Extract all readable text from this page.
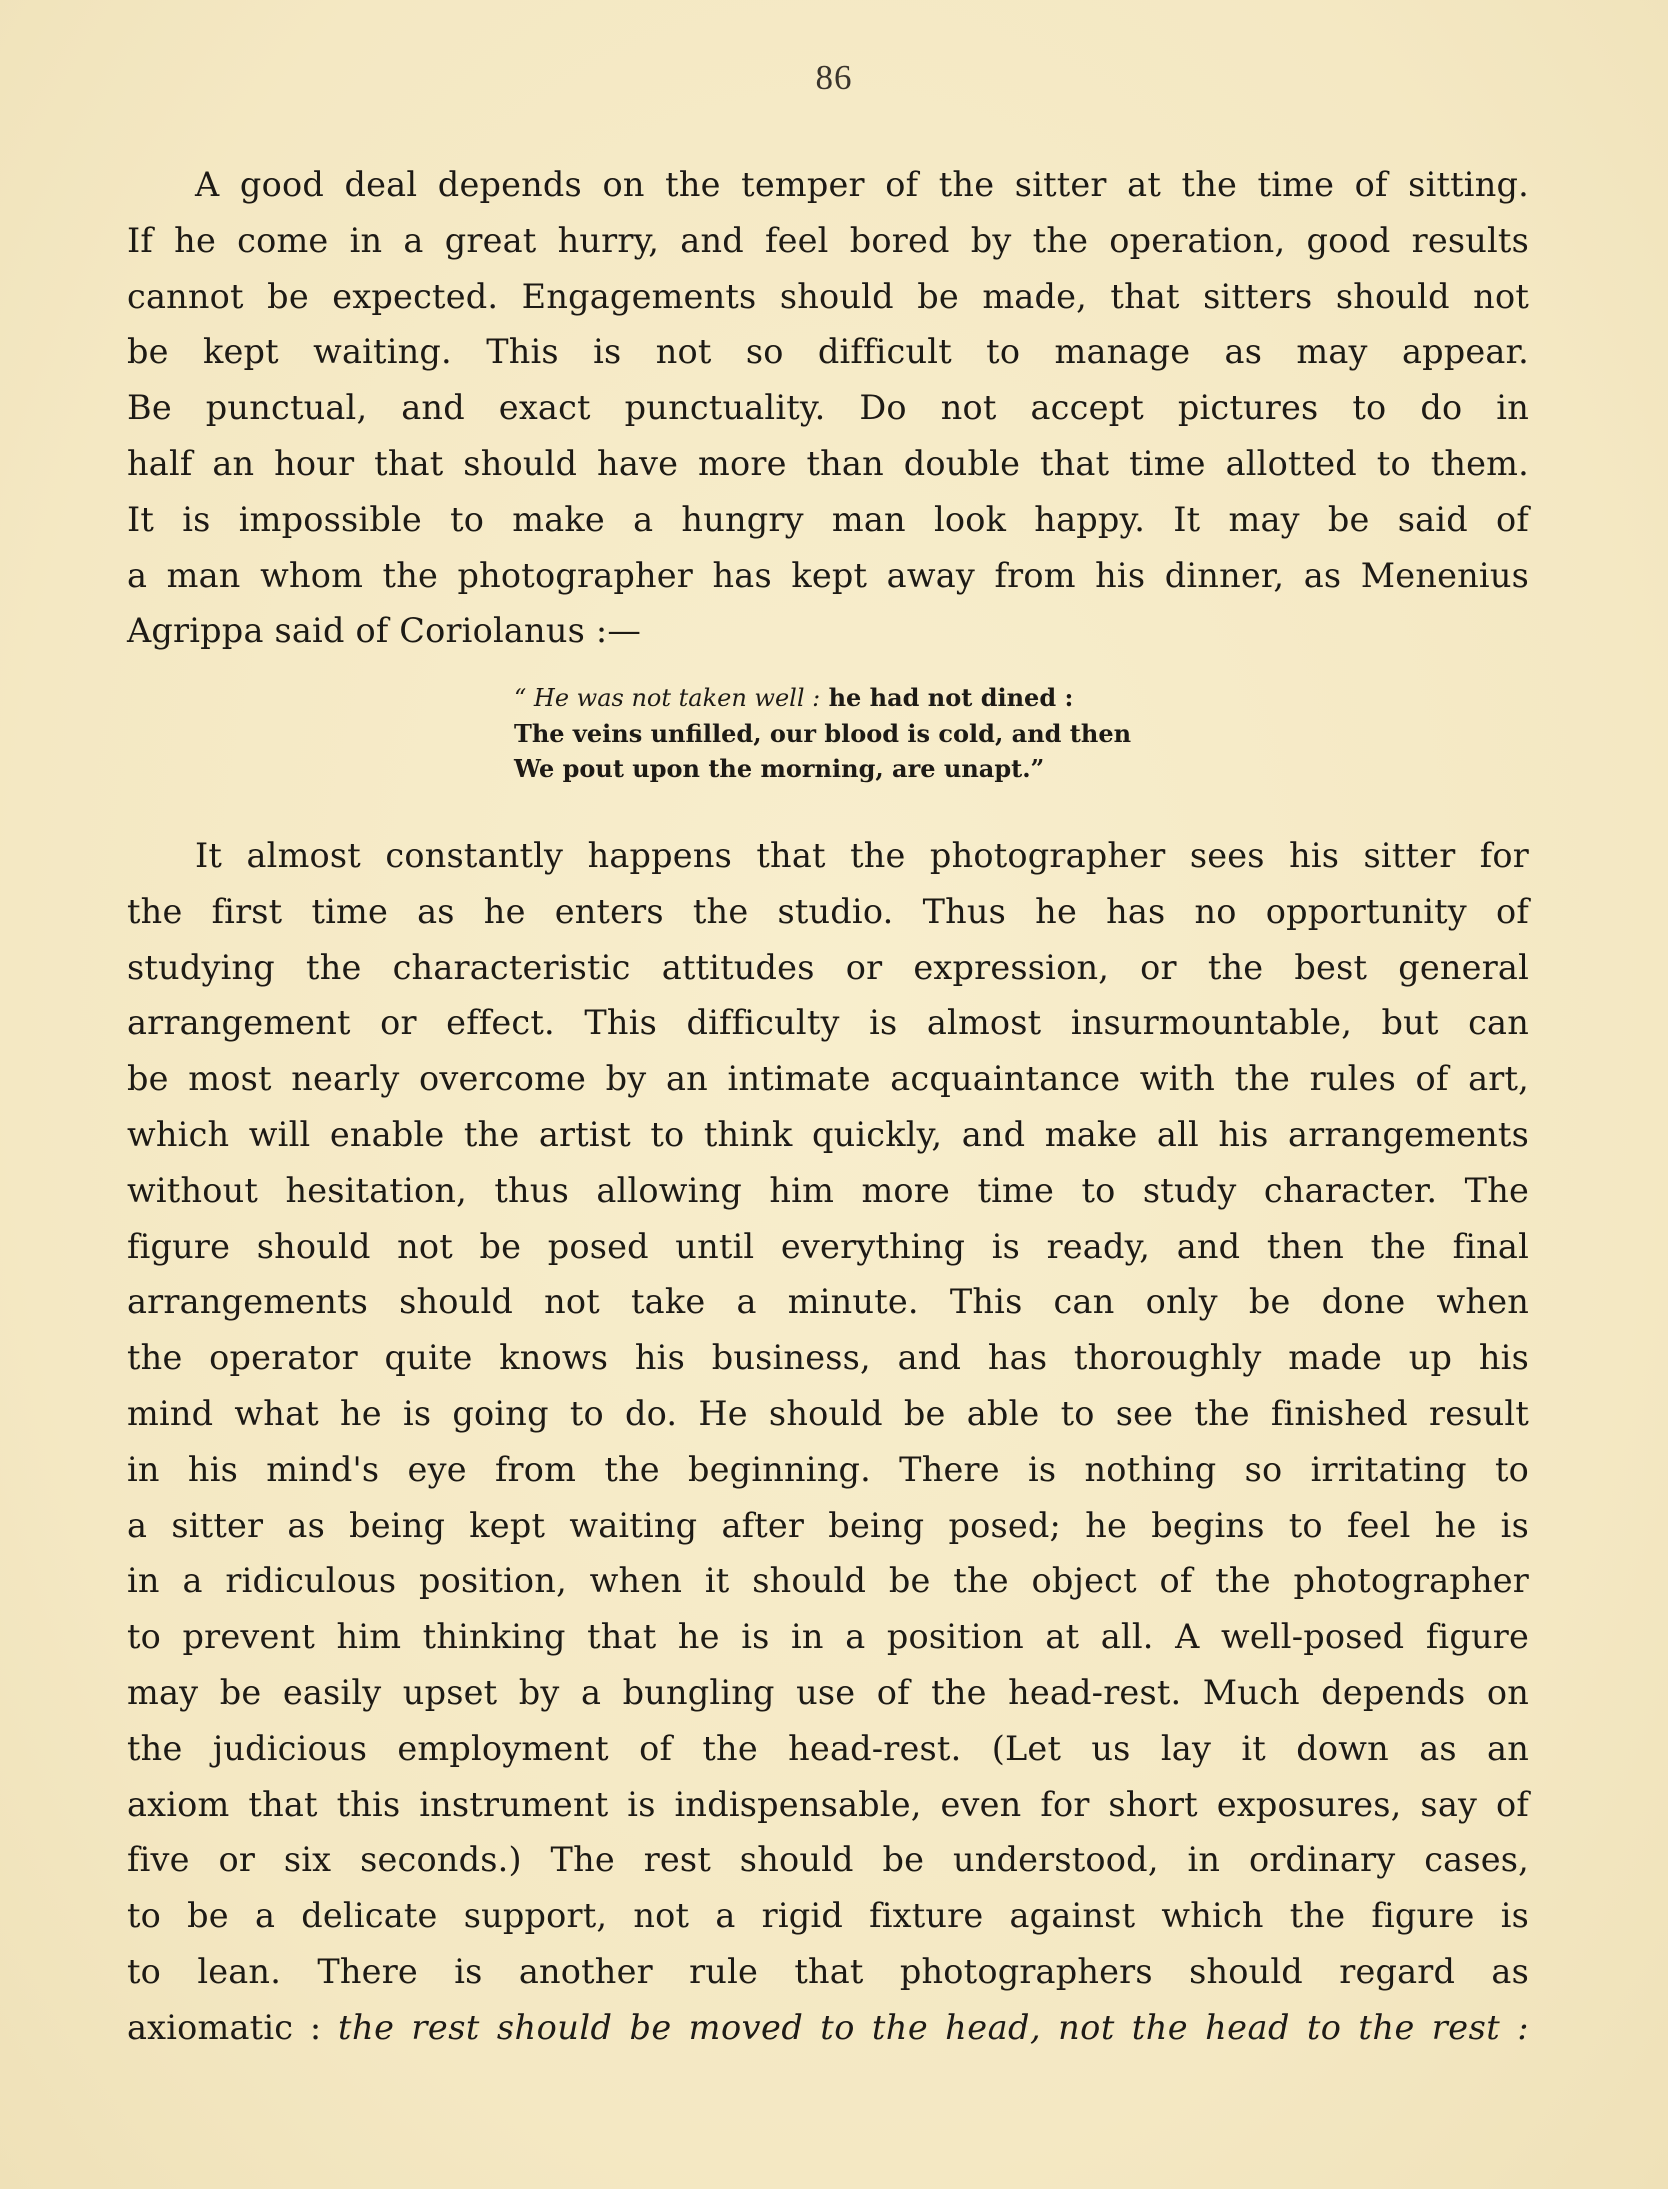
86
A good deal depends on the temper of the sitter at the time of sitting.
If he come in a great hurry, and feel bored by the operation, good results
cannot be expected. Engagements should be made, that sitters should not
be kept waiting. This is not so difficult to manage as may appear.
Be punctual, and exact punctuality. Do not accept pictures to do in
half an hour that should have more than double that time allotted to them.
It is impossible to make a hungry man look happy. It may be said of
a man whom the photographer has kept away from his dinner, as Menenius
Agrippa said of Coriolanus :—
“ He was not taken well : he had not dined :
The veins unfilled, our blood is cold, and then
We pout upon the morning, are unapt.”
It almost constantly happens that the photographer sees his sitter for
the first time as he enters the studio. Thus he has no opportunity of
studying the characteristic attitudes or expression, or the best general
arrangement or effect. This difficulty is almost insurmountable, but can
be most nearly overcome by an intimate acquaintance with the rules of art,
which will enable the artist to think quickly, and make all his arrangements
without hesitation, thus allowing him more time to study character. The
figure should not be posed until everything is ready, and then the final
arrangements should not take a minute. This can only be done when
the operator quite knows his business, and has thoroughly made up his
mind what he is going to do. He should be able to see the finished result
in his mind's eye from the beginning. There is nothing so irritating to
a sitter as being kept waiting after being posed; he begins to feel he is
in a ridiculous position, when it should be the object of the photographer
to prevent him thinking that he is in a position at all. A well-posed figure
may be easily upset by a bungling use of the head-rest. Much depends on
the judicious employment of the head-rest. (Let us lay it down as an
axiom that this instrument is indispensable, even for short exposures, say of
five or six seconds.) The rest should be understood, in ordinary cases,
to be a delicate support, not a rigid fixture against which the figure is
to lean. There is another rule that photographers should regard as
axiomatic : the rest should be moved to the head, not the head to the rest :
